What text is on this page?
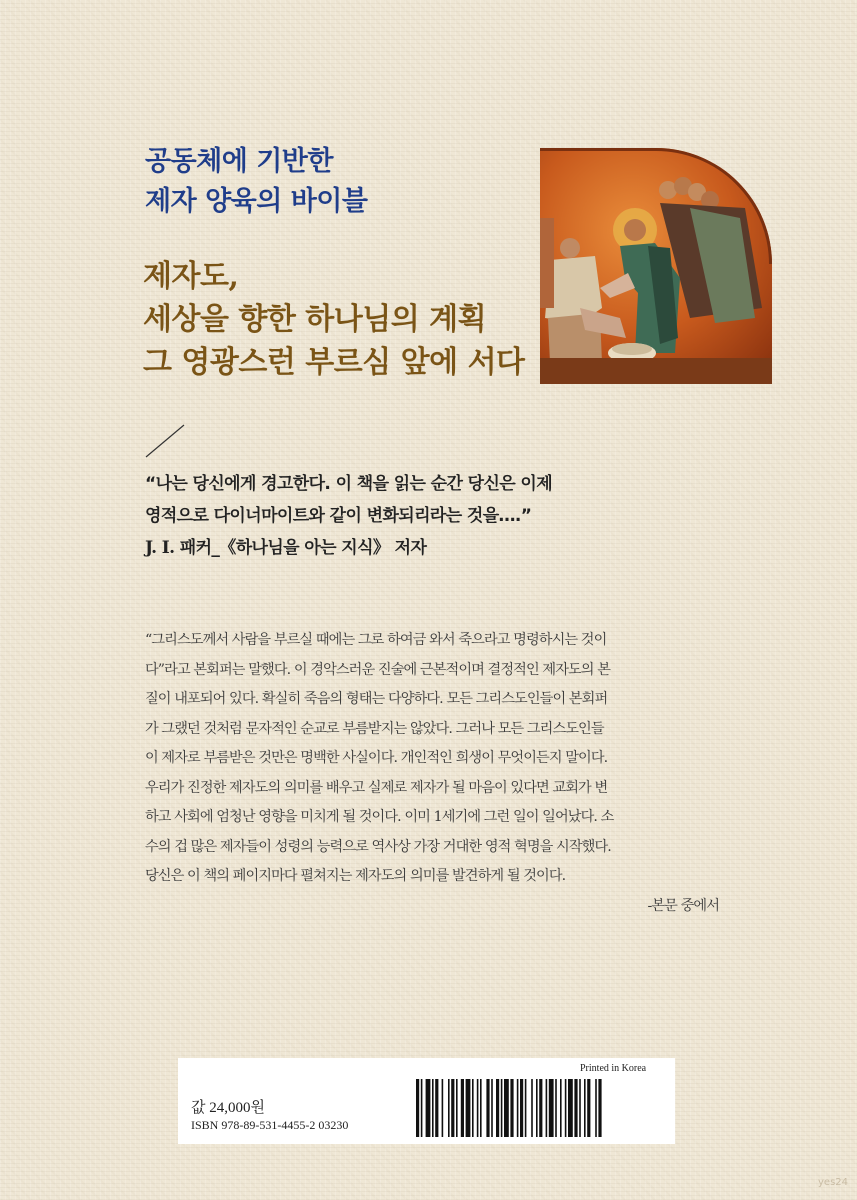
공동체에 기반한
제자 양육의 바이블
제자도,
세상을 향한 하나님의 계획
그 영광스런 부르심 앞에 서다
“나는 당신에게 경고한다. 이 책을 읽는 순간 당신은 이제
영적으로 다이너마이트와 같이 변화되리라는 것을….”
J. I. 패커_《하나님을 아는 지식》 저자
“그리스도께서 사람을 부르실 때에는 그로 하여금 와서 죽으라고 명령하시는 것이
다”라고 본회퍼는 말했다. 이 경악스러운 진술에 근본적이며 결정적인 제자도의 본
질이 내포되어 있다. 확실히 죽음의 형태는 다양하다. 모든 그리스도인들이 본회퍼
가 그랬던 것처럼 문자적인 순교로 부름받지는 않았다. 그러나 모든 그리스도인들
이 제자로 부름받은 것만은 명백한 사실이다. 개인적인 희생이 무엇이든지 말이다.
우리가 진정한 제자도의 의미를 배우고 실제로 제자가 될 마음이 있다면 교회가 변
하고 사회에 엄청난 영향을 미치게 될 것이다. 이미 1세기에 그런 일이 일어났다. 소
수의 겁 많은 제자들이 성령의 능력으로 역사상 가장 거대한 영적 혁명을 시작했다.
당신은 이 책의 페이지마다 펼쳐지는 제자도의 의미를 발견하게 될 것이다.
-본문 중에서
Printed in Korea
값 24,000원
ISBN 978-89-531-4455-2 03230
yes24
